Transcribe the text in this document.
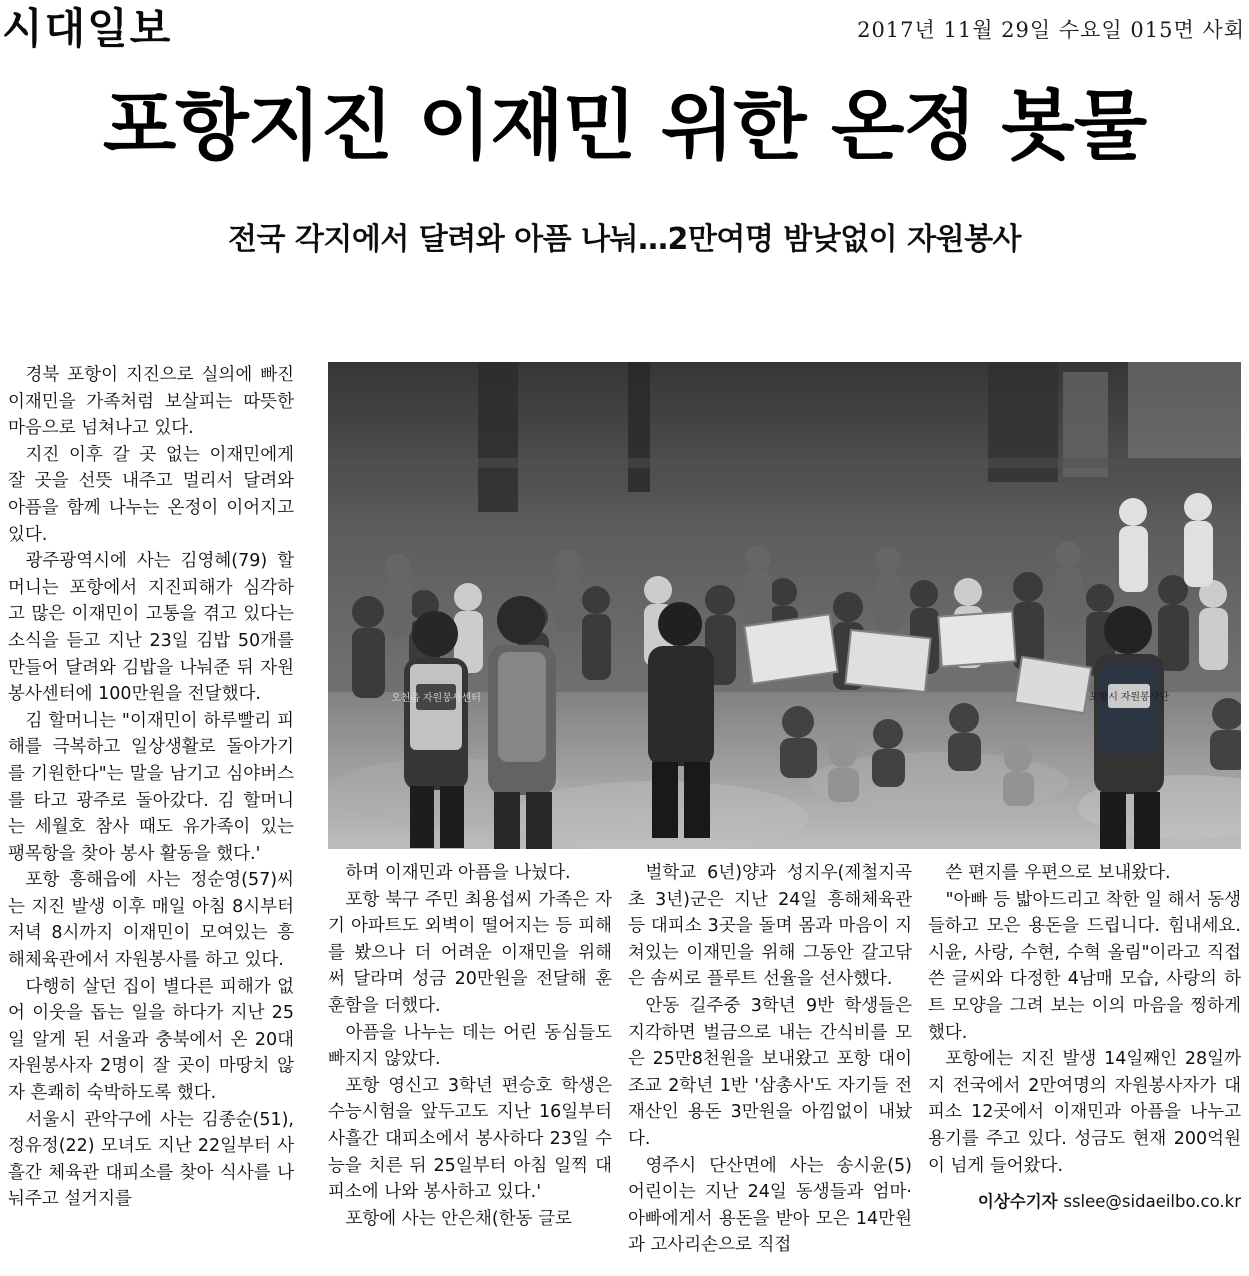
시대일보	2017년 11월 29일 수요일 015면 사회
포항지진 이재민 위한 온정 봇물
전국 각지에서 달려와 아픔 나눠…2만여명 밤낮없이 자원봉사
오천읍 자원봉사센터	포항시 자원봉사단

경북 포항이 지진으로 실의에 빠진 이재민을 가족처럼 보살피는 따뜻한 마음으로 넘쳐나고 있다.

지진 이후 갈 곳 없는 이재민에게 잘 곳을 선뜻 내주고 멀리서 달려와 아픔을 함께 나누는 온정이 이어지고 있다.

광주광역시에 사는 김영혜(79) 할머니는 포항에서 지진피해가 심각하고 많은 이재민이 고통을 겪고 있다는 소식을 듣고 지난 23일 김밥 50개를 만들어 달려와 김밥을 나눠준 뒤 자원봉사센터에 100만원을 전달했다.

김 할머니는 "이재민이 하루빨리 피해를 극복하고 일상생활로 돌아가기를 기원한다"는 말을 남기고 심야버스를 타고 광주로 돌아갔다. 김 할머니는 세월호 참사 때도 유가족이 있는 팽목항을 찾아 봉사 활동을 했다.'

포항 흥해읍에 사는 정순영(57)씨는 지진 발생 이후 매일 아침 8시부터 저녁 8시까지 이재민이 모여있는 흥해체육관에서 자원봉사를 하고 있다.

다행히 살던 집이 별다른 피해가 없어 이웃을 돕는 일을 하다가 지난 25일 알게 된 서울과 충북에서 온 20대 자원봉사자 2명이 잘 곳이 마땅치 않자 흔쾌히 숙박하도록 했다.

서울시 관악구에 사는 김종순(51), 정유정(22) 모녀도 지난 22일부터 사흘간 체육관 대피소를 찾아 식사를 나눠주고 설거지를

하며 이재민과 아픔을 나눴다.

포항 북구 주민 최용섭씨 가족은 자기 아파트도 외벽이 떨어지는 등 피해를 봤으나 더 어려운 이재민을 위해 써 달라며 성금 20만원을 전달해 훈훈함을 더했다.

아픔을 나누는 데는 어린 동심들도 빠지지 않았다.

포항 영신고 3학년 편승호 학생은 수능시험을 앞두고도 지난 16일부터 사흘간 대피소에서 봉사하다 23일 수능을 치른 뒤 25일부터 아침 일찍 대피소에 나와 봉사하고 있다.'

포항에 사는 안은채(한동 글로

벌학교 6년)양과 성지우(제철지곡초 3년)군은 지난 24일 흥해체육관 등 대피소 3곳을 돌며 몸과 마음이 지쳐있는 이재민을 위해 그동안 갈고닦은 솜씨로 플루트 선율을 선사했다.

안동 길주중 3학년 9반 학생들은 지각하면 벌금으로 내는 간식비를 모은 25만8천원을 보내왔고 포항 대이조교 2학년 1반 '삼총사'도 자기들 전 재산인 용돈 3만원을 아낌없이 내놨다.

영주시 단산면에 사는 송시윤(5) 어린이는 지난 24일 동생들과 엄마·아빠에게서 용돈을 받아 모은 14만원과 고사리손으로 직접

쓴 편지를 우편으로 보내왔다.

"아빠 등 밟아드리고 착한 일 해서 동생들하고 모은 용돈을 드립니다. 힘내세요. 시윤, 사랑, 수현, 수혁 올림"이라고 직접 쓴 글씨와 다정한 4남매 모습, 사랑의 하트 모양을 그려 보는 이의 마음을 찡하게 했다.

포항에는 지진 발생 14일째인 28일까지 전국에서 2만여명의 자원봉사자가 대피소 12곳에서 이재민과 아픔을 나누고 용기를 주고 있다. 성금도 현재 200억원이 넘게 들어왔다.

이상수기자 sslee@sidaeilbo.co.kr
